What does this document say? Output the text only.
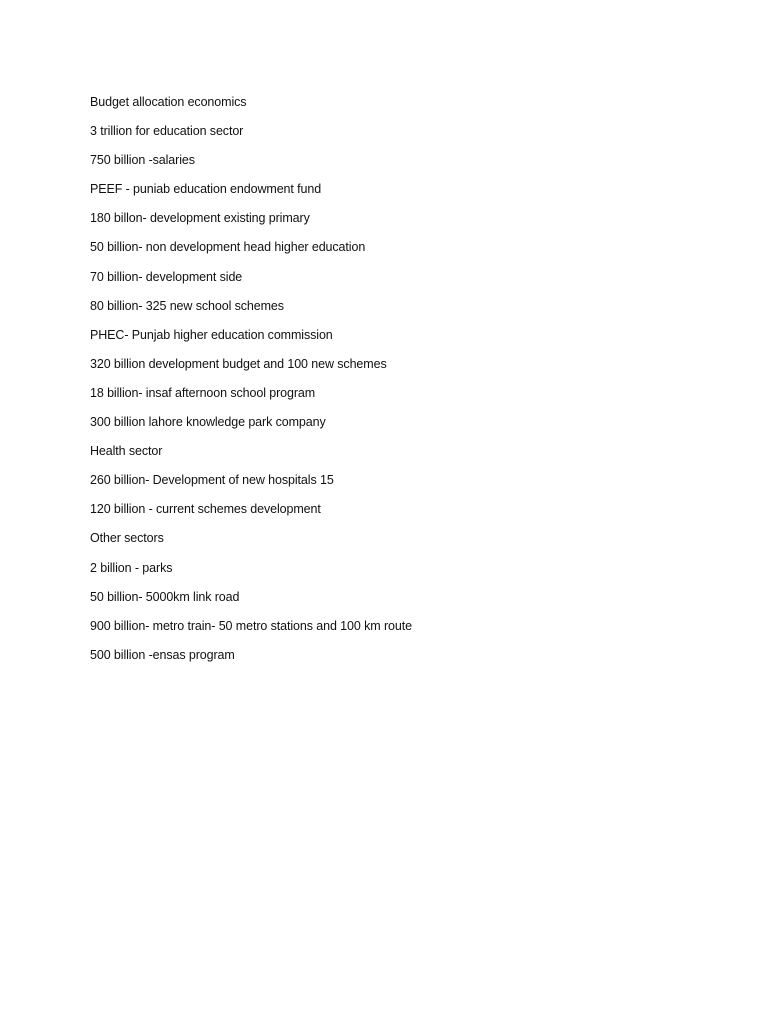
Budget allocation economics
3 trillion for education sector
750 billion -salaries
PEEF - puniab education endowment fund
180 billon- development existing primary
50 billion- non development head higher education
70 billion- development side
80 billion- 325 new school schemes
PHEC- Punjab higher education commission
320 billion development budget and 100 new schemes
18 billion- insaf afternoon school program
300 billion lahore knowledge park company
Health sector
260 billion- Development of new hospitals 15
120 billion - current schemes development
Other sectors
2 billion - parks
50 billion- 5000km link road
900 billion- metro train- 50 metro stations and 100 km route
500 billion -ensas program
